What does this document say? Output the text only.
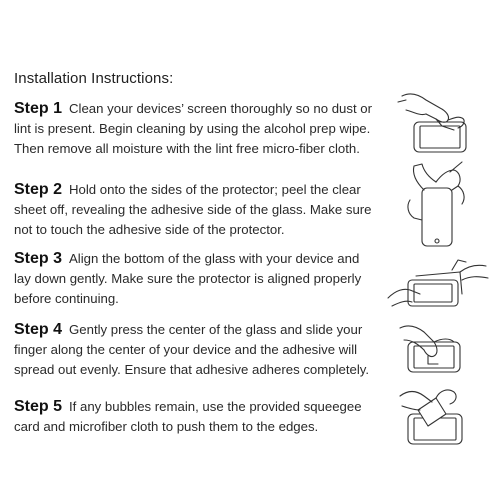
Installation Instructions:
Step 1 Clean your devices’ screen thoroughly so no dust or lint is present. Begin cleaning by using the alcohol prep wipe. Then remove all moisture with the lint free micro-fiber cloth.
Step 2 Hold onto the sides of the protector; peel the clear sheet off, revealing the adhesive side of the glass. Make sure not to touch the adhesive side of the protector.
Step 3 Align the bottom of the glass with your device and lay down gently. Make sure the protector is aligned properly before continuing.
Step 4 Gently press the center of the glass and slide your finger along the center of your device and the adhesive will spread out evenly. Ensure that adhesive adheres completely.
Step 5 If any bubbles remain, use the provided squeegee card and microfiber cloth to push them to the edges.
